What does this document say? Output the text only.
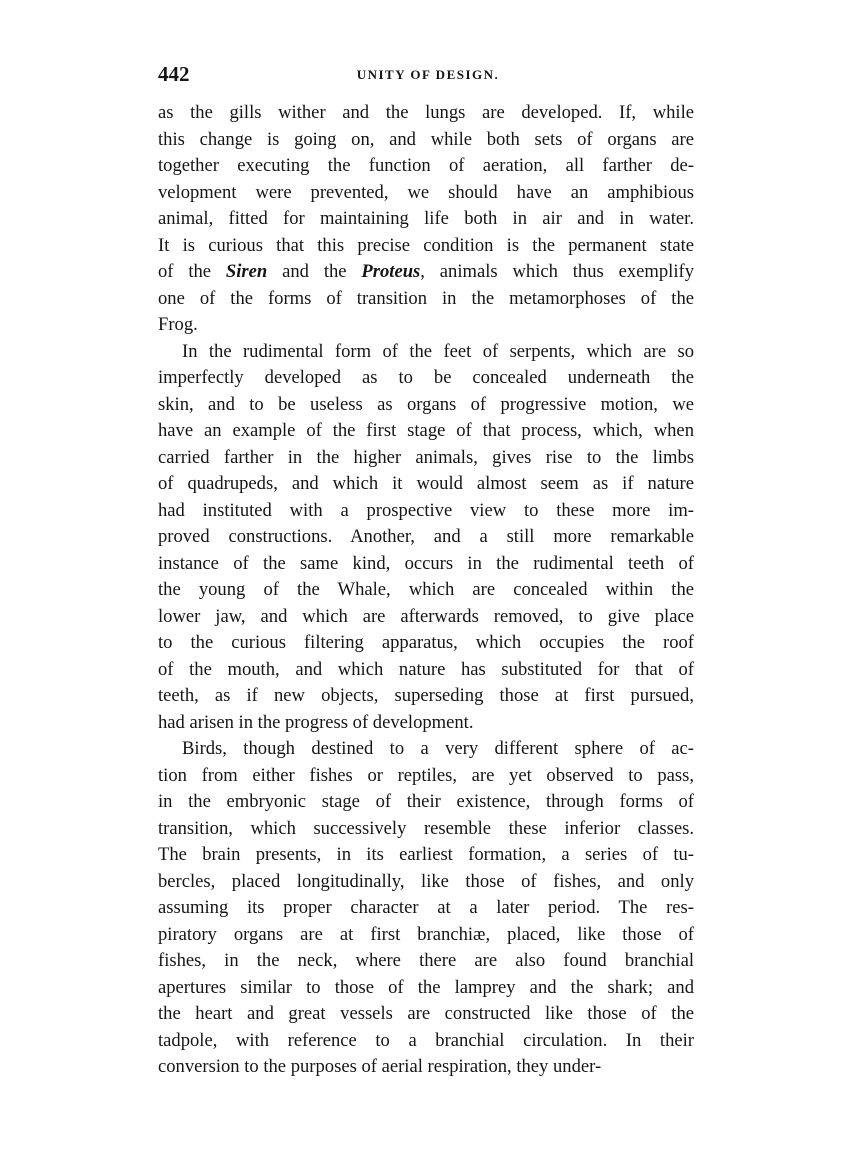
442	UNITY OF DESIGN.
as the gills wither and the lungs are developed. If, while
this change is going on, and while both sets of organs are
together executing the function of aeration, all farther de-
velopment were prevented, we should have an amphibious
animal, fitted for maintaining life both in air and in water.
It is curious that this precise condition is the permanent state
of the Siren and the Proteus, animals which thus exemplify
one of the forms of transition in the metamorphoses of the
Frog.
In the rudimental form of the feet of serpents, which are so
imperfectly developed as to be concealed underneath the
skin, and to be useless as organs of progressive motion, we
have an example of the first stage of that process, which, when
carried farther in the higher animals, gives rise to the limbs
of quadrupeds, and which it would almost seem as if nature
had instituted with a prospective view to these more im-
proved constructions. Another, and a still more remarkable
instance of the same kind, occurs in the rudimental teeth of
the young of the Whale, which are concealed within the
lower jaw, and which are afterwards removed, to give place
to the curious filtering apparatus, which occupies the roof
of the mouth, and which nature has substituted for that of
teeth, as if new objects, superseding those at first pursued,
had arisen in the progress of development.
Birds, though destined to a very different sphere of ac-
tion from either fishes or reptiles, are yet observed to pass,
in the embryonic stage of their existence, through forms of
transition, which successively resemble these inferior classes.
The brain presents, in its earliest formation, a series of tu-
bercles, placed longitudinally, like those of fishes, and only
assuming its proper character at a later period. The res-
piratory organs are at first branchiæ, placed, like those of
fishes, in the neck, where there are also found branchial
apertures similar to those of the lamprey and the shark; and
the heart and great vessels are constructed like those of the
tadpole, with reference to a branchial circulation. In their
conversion to the purposes of aerial respiration, they under-
